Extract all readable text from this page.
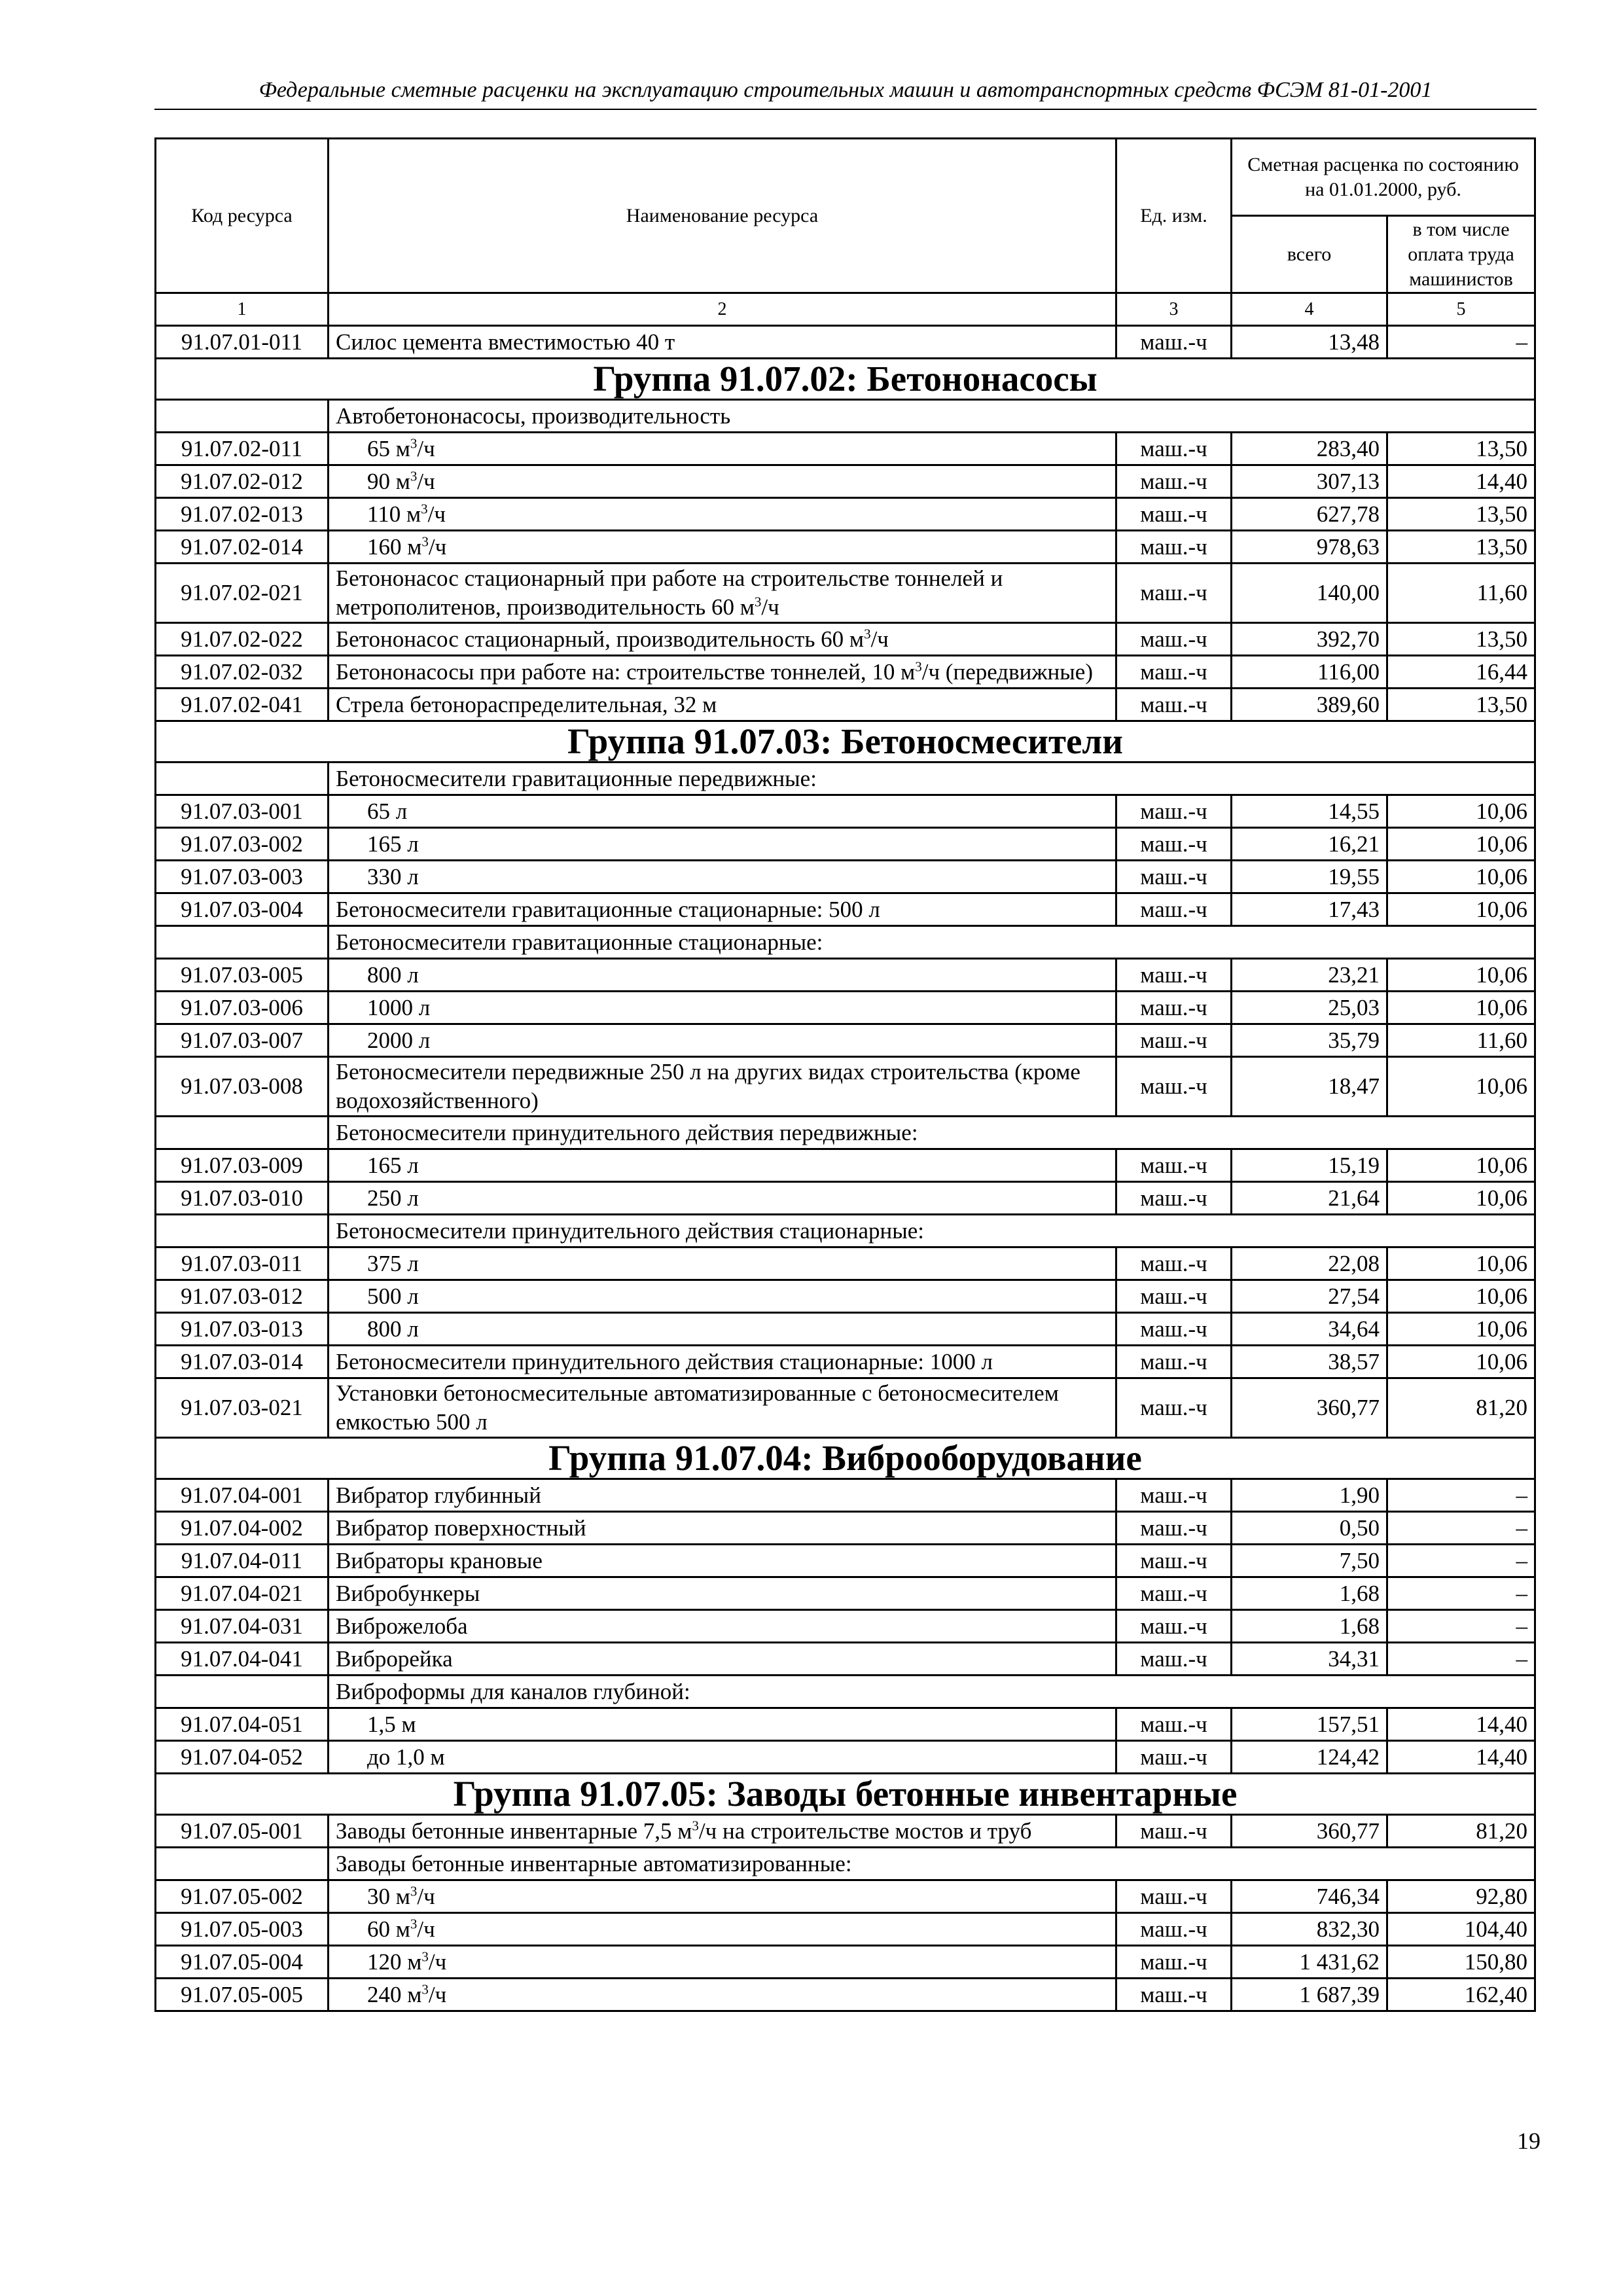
Федеральные сметные расценки на эксплуатацию строительных машин и автотранспортных средств ФСЭМ 81-01-2001
Код ресурса	Наименование ресурса	Ед. изм.	Сметная расценка по состоянию на 01.01.2000, руб.	
			всего	в том числе оплата труда машинистов
1	2	3	4	5
91.07.01-011	Силос цемента вместимостью 40 т	маш.-ч	13,48	–
Группа 91.07.02: Бетононасосы				
	Автобетононасосы, производительность			
91.07.02-011	65 $м^3/ч$	маш.-ч	283,40	13,50
91.07.02-012	90 $м^3/ч$	маш.-ч	307,13	14,40
91.07.02-013	110 $м^3/ч$	маш.-ч	627,78	13,50
91.07.02-014	160 $м^3/ч$	маш.-ч	978,63	13,50
91.07.02-021	Бетононасос стационарный при работе на строительстве тоннелей и метрополитенов, производительность 60 $м^3/ч$	маш.-ч	140,00	11,60
91.07.02-022	Бетононасос стационарный, производительность 60 $м^3/ч$	маш.-ч	392,70	13,50
91.07.02-032	Бетононасосы при работе на: строительстве тоннелей, 10 $м^3/ч$ (передвижные)	маш.-ч	116,00	16,44
91.07.02-041	Стрела бетонораспределительная, 32 м	маш.-ч	389,60	13,50
Группа 91.07.03: Бетоносмесители				
	Бетоносмесители гравитационные передвижные:			
91.07.03-001	65 л	маш.-ч	14,55	10,06
91.07.03-002	165 л	маш.-ч	16,21	10,06
91.07.03-003	330 л	маш.-ч	19,55	10,06
91.07.03-004	Бетоносмесители гравитационные стационарные: 500 л	маш.-ч	17,43	10,06
	Бетоносмесители гравитационные стационарные:			
91.07.03-005	800 л	маш.-ч	23,21	10,06
91.07.03-006	1000 л	маш.-ч	25,03	10,06
91.07.03-007	2000 л	маш.-ч	35,79	11,60
91.07.03-008	Бетоносмесители передвижные 250 л на других видах строительства (кроме водохозяйственного)	маш.-ч	18,47	10,06
	Бетоносмесители принудительного действия передвижные:			
91.07.03-009	165 л	маш.-ч	15,19	10,06
91.07.03-010	250 л	маш.-ч	21,64	10,06
	Бетоносмесители принудительного действия стационарные:			
91.07.03-011	375 л	маш.-ч	22,08	10,06
91.07.03-012	500 л	маш.-ч	27,54	10,06
91.07.03-013	800 л	маш.-ч	34,64	10,06
91.07.03-014	Бетоносмесители принудительного действия стационарные: 1000 л	маш.-ч	38,57	10,06
91.07.03-021	Установки бетоносмесительные автоматизированные с бетоносмесителем емкостью 500 л	маш.-ч	360,77	81,20
Группа 91.07.04: Виброоборудование				
91.07.04-001	Вибратор глубинный	маш.-ч	1,90	–
91.07.04-002	Вибратор поверхностный	маш.-ч	0,50	–
91.07.04-011	Вибраторы крановые	маш.-ч	7,50	–
91.07.04-021	Вибробункеры	маш.-ч	1,68	–
91.07.04-031	Виброжелоба	маш.-ч	1,68	–
91.07.04-041	Виброрейка	маш.-ч	34,31	–
	Виброформы для каналов глубиной:			
91.07.04-051	1,5 м	маш.-ч	157,51	14,40
91.07.04-052	до 1,0 м	маш.-ч	124,42	14,40
Группа 91.07.05: Заводы бетонные инвентарные				
91.07.05-001	Заводы бетонные инвентарные 7,5 $м^3/ч$ на строительстве мостов и труб	маш.-ч	360,77	81,20
	Заводы бетонные инвентарные автоматизированные:			
91.07.05-002	30 $м^3/ч$	маш.-ч	746,34	92,80
91.07.05-003	60 $м^3/ч$	маш.-ч	832,30	104,40
91.07.05-004	120 $м^3/ч$	маш.-ч	1 431,62	150,80
91.07.05-005	240 $м^3/ч$	маш.-ч	1 687,39	162,40
19
